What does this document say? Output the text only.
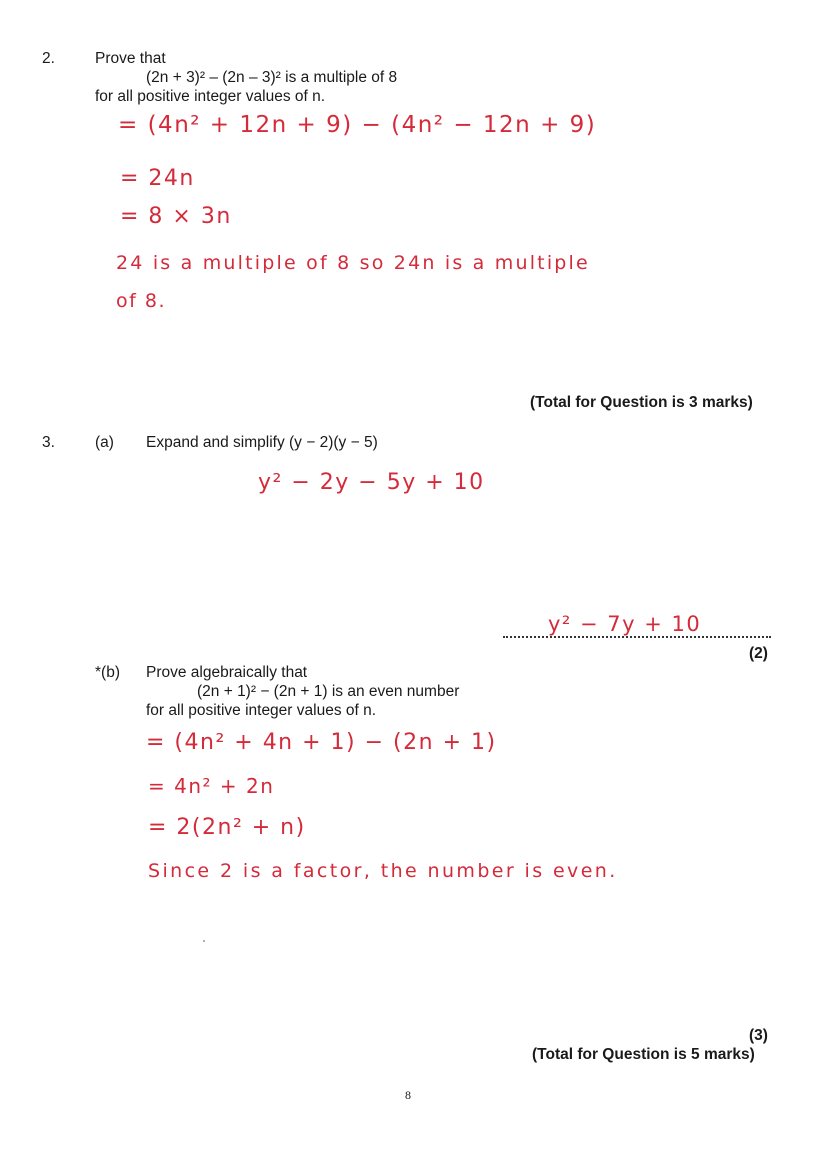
2.	Prove that
(2n + 3)² – (2n – 3)² is a multiple of 8
for all positive integer values of n.
= (4n² + 12n + 9) − (4n² − 12n + 9)
= 24n
= 8 × 3n
24 is a multiple of 8 so 24n is a multiple
of 8.
(Total for Question is 3 marks)
3.	(a) Expand and simplify (y − 2)(y − 5)
y² − 2y − 5y + 10
y² − 7y + 10
(2)
*(b) Prove algebraically that
(2n + 1)² − (2n + 1) is an even number
for all positive integer values of n.
= (4n² + 4n + 1) − (2n + 1)
= 4n² + 2n
= 2(2n² + n)
Since 2 is a factor, the number is even.
(3)
(Total for Question is 5 marks)
8
